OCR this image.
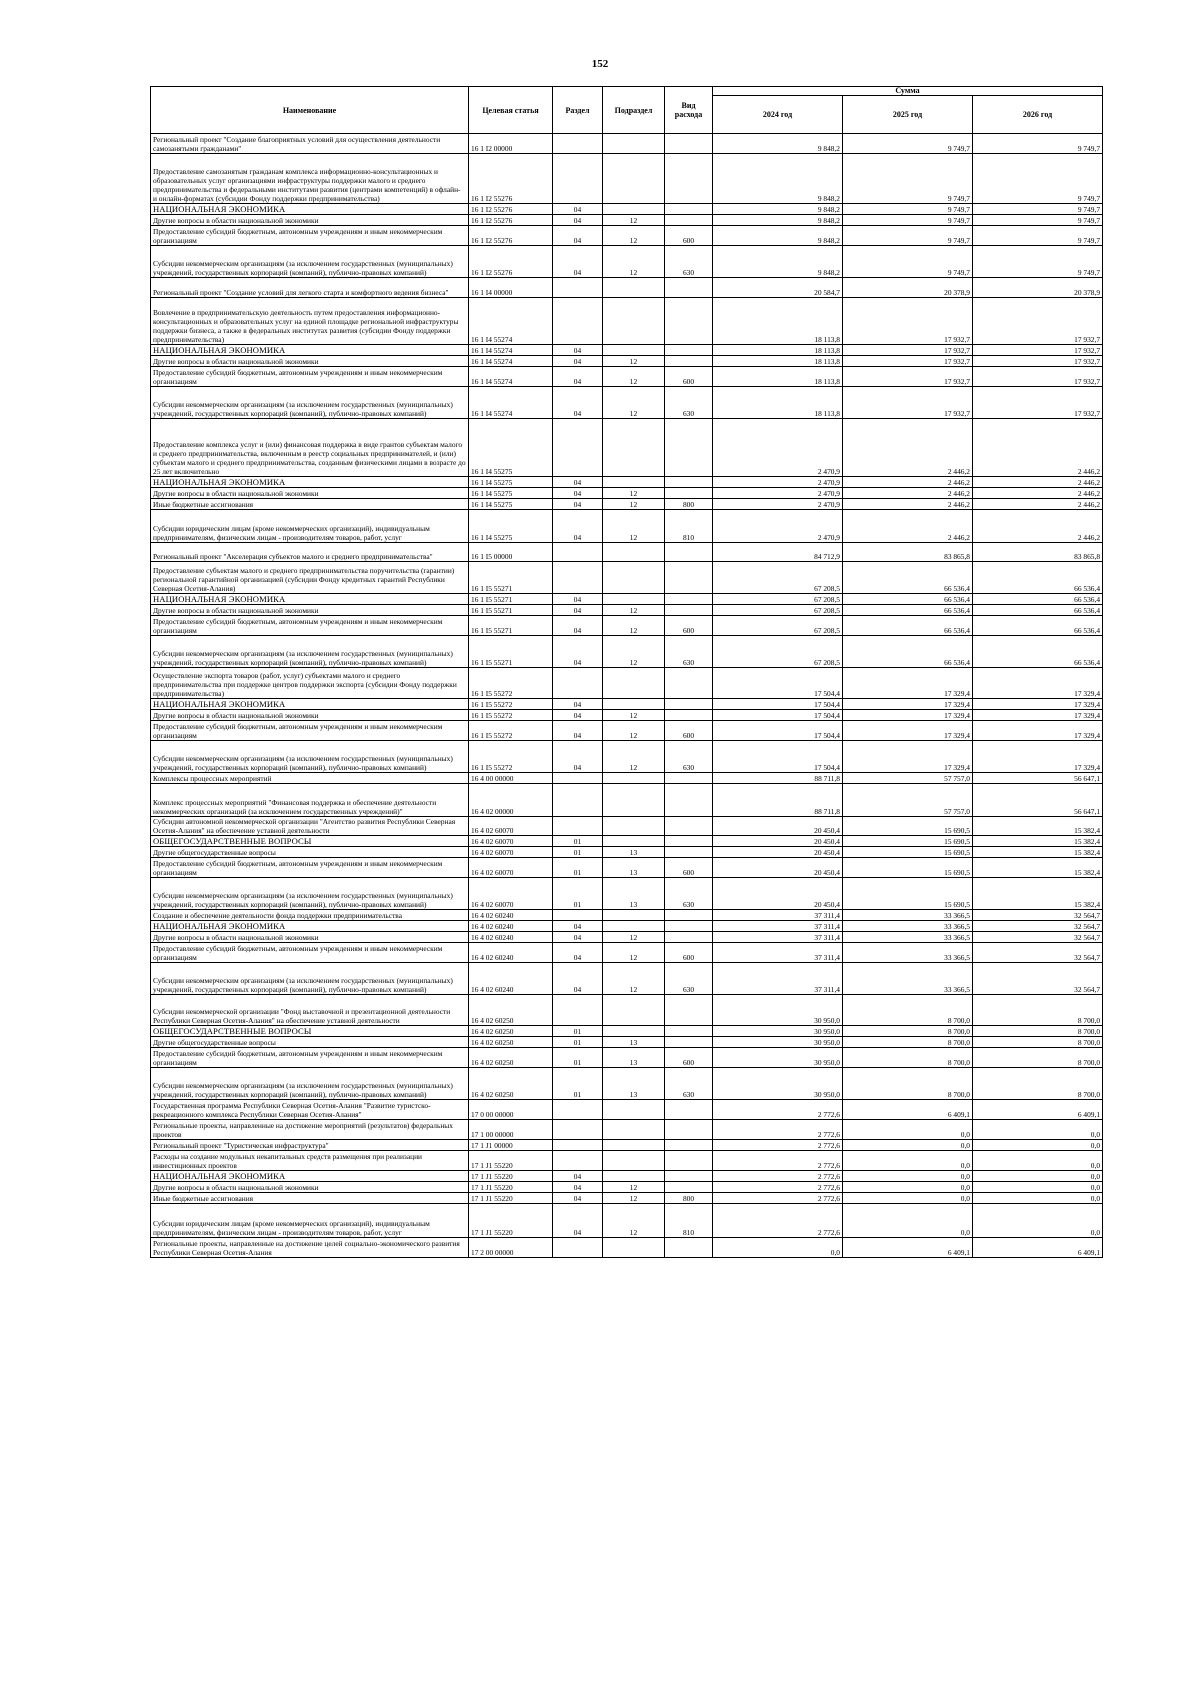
152
Наименование	Целевая статья	Раздел	Подраздел	Вид расхода	Сумма		
					2024 год	2025 год	2026 год
Региональный проект "Создание благоприятных условий для осуществления деятельности самозанятыми гражданами"	16 1 I2 00000				9 848,2	9 749,7	9 749,7
Предоставление самозанятым гражданам комплекса информационно-консультационных и образовательных услуг организациями инфраструктуры поддержки малого и среднего предпринимательства и федеральными институтами развития (центрами компетенций) в офлайн- и онлайн-форматах (субсидии Фонду поддержки предпринимательства)	16 1 I2 55276				9 848,2	9 749,7	9 749,7
НАЦИОНАЛЬНАЯ ЭКОНОМИКА	16 1 I2 55276	04			9 848,2	9 749,7	9 749,7
Другие вопросы в области национальной экономики	16 1 I2 55276	04	12		9 848,2	9 749,7	9 749,7
Предоставление субсидий бюджетным, автономным учреждениям и иным некоммерческим организациям	16 1 I2 55276	04	12	600	9 848,2	9 749,7	9 749,7
Субсидии некоммерческим организациям (за исключением государственных (муниципальных) учреждений, государственных корпораций (компаний), публично-правовых компаний)	16 1 I2 55276	04	12	630	9 848,2	9 749,7	9 749,7
Региональный проект "Создание условий для легкого старта и комфортного ведения бизнеса"	16 1 I4 00000				20 584,7	20 378,9	20 378,9
Вовлечение в предпринимательскую деятельность путем предоставления информационно-консультационных и образовательных услуг на единой площадке региональной инфраструктуры поддержки бизнеса, а также в федеральных институтах развития (субсидии Фонду поддержки предпринимательства)	16 1 I4 55274				18 113,8	17 932,7	17 932,7
НАЦИОНАЛЬНАЯ ЭКОНОМИКА	16 1 I4 55274	04			18 113,8	17 932,7	17 932,7
Другие вопросы в области национальной экономики	16 1 I4 55274	04	12		18 113,8	17 932,7	17 932,7
Предоставление субсидий бюджетным, автономным учреждениям и иным некоммерческим организациям	16 1 I4 55274	04	12	600	18 113,8	17 932,7	17 932,7
Субсидии некоммерческим организациям (за исключением государственных (муниципальных) учреждений, государственных корпораций (компаний), публично-правовых компаний)	16 1 I4 55274	04	12	630	18 113,8	17 932,7	17 932,7
Предоставление комплекса услуг и (или) финансовая поддержка в виде грантов субъектам малого и среднего предпринимательства, включенным в реестр социальных предпринимателей, и (или) субъектам малого и среднего предпринимательства, созданным физическими лицами в возрасте до 25 лет включительно	16 1 I4 55275				2 470,9	2 446,2	2 446,2
НАЦИОНАЛЬНАЯ ЭКОНОМИКА	16 1 I4 55275	04			2 470,9	2 446,2	2 446,2
Другие вопросы в области национальной экономики	16 1 I4 55275	04	12		2 470,9	2 446,2	2 446,2
Иные бюджетные ассигнования	16 1 I4 55275	04	12	800	2 470,9	2 446,2	2 446,2
Субсидии юридическим лицам (кроме некоммерческих организаций), индивидуальным предпринимателям, физическим лицам - производителям товаров, работ, услуг	16 1 I4 55275	04	12	810	2 470,9	2 446,2	2 446,2
Региональный проект "Акселерация субъектов малого и среднего предпринимательства"	16 1 I5 00000				84 712,9	83 865,8	83 865,8
Предоставление субъектам малого и среднего предпринимательства поручительства (гарантии) региональной гарантийной организацией (субсидии Фонду кредитных гарантий Республики Северная Осетия-Алания)	16 1 I5 55271				67 208,5	66 536,4	66 536,4
НАЦИОНАЛЬНАЯ ЭКОНОМИКА	16 1 I5 55271	04			67 208,5	66 536,4	66 536,4
Другие вопросы в области национальной экономики	16 1 I5 55271	04	12		67 208,5	66 536,4	66 536,4
Предоставление субсидий бюджетным, автономным учреждениям и иным некоммерческим организациям	16 1 I5 55271	04	12	600	67 208,5	66 536,4	66 536,4
Субсидии некоммерческим организациям (за исключением государственных (муниципальных) учреждений, государственных корпораций (компаний), публично-правовых компаний)	16 1 I5 55271	04	12	630	67 208,5	66 536,4	66 536,4
Осуществление экспорта товаров (работ, услуг) субъектами малого и среднего предпринимательства при поддержке центров поддержки экспорта (субсидии Фонду поддержки предпринимательства)	16 1 I5 55272				17 504,4	17 329,4	17 329,4
НАЦИОНАЛЬНАЯ ЭКОНОМИКА	16 1 I5 55272	04			17 504,4	17 329,4	17 329,4
Другие вопросы в области национальной экономики	16 1 I5 55272	04	12		17 504,4	17 329,4	17 329,4
Предоставление субсидий бюджетным, автономным учреждениям и иным некоммерческим организациям	16 1 I5 55272	04	12	600	17 504,4	17 329,4	17 329,4
Субсидии некоммерческим организациям (за исключением государственных (муниципальных) учреждений, государственных корпораций (компаний), публично-правовых компаний)	16 1 I5 55272	04	12	630	17 504,4	17 329,4	17 329,4
Комплексы процессных мероприятий	16 4 00 00000				88 711,8	57 757,0	56 647,1
Комплекс процессных мероприятий "Финансовая поддержка и обеспечение деятельности некоммерческих организаций (за исключением государственных учреждений)"	16 4 02 00000				88 711,8	57 757,0	56 647,1
Субсидии автономной некоммерческой организации "Агентство развития Республики Северная Осетия-Алания" на обеспечение уставной деятельности	16 4 02 60070				20 450,4	15 690,5	15 382,4
ОБЩЕГОСУДАРСТВЕННЫЕ ВОПРОСЫ	16 4 02 60070	01			20 450,4	15 690,5	15 382,4
Другие общегосударственные вопросы	16 4 02 60070	01	13		20 450,4	15 690,5	15 382,4
Предоставление субсидий бюджетным, автономным учреждениям и иным некоммерческим организациям	16 4 02 60070	01	13	600	20 450,4	15 690,5	15 382,4
Субсидии некоммерческим организациям (за исключением государственных (муниципальных) учреждений, государственных корпораций (компаний), публично-правовых компаний)	16 4 02 60070	01	13	630	20 450,4	15 690,5	15 382,4
Создание и обеспечение деятельности фонда поддержки предпринимательства	16 4 02 60240				37 311,4	33 366,5	32 564,7
НАЦИОНАЛЬНАЯ ЭКОНОМИКА	16 4 02 60240	04			37 311,4	33 366,5	32 564,7
Другие вопросы в области национальной экономики	16 4 02 60240	04	12		37 311,4	33 366,5	32 564,7
Предоставление субсидий бюджетным, автономным учреждениям и иным некоммерческим организациям	16 4 02 60240	04	12	600	37 311,4	33 366,5	32 564,7
Субсидии некоммерческим организациям (за исключением государственных (муниципальных) учреждений, государственных корпораций (компаний), публично-правовых компаний)	16 4 02 60240	04	12	630	37 311,4	33 366,5	32 564,7
Субсидии некоммерческой организации "Фонд выставочной и презентационной деятельности Республики Северная Осетия-Алания" на обеспечение уставной деятельности	16 4 02 60250				30 950,0	8 700,0	8 700,0
ОБЩЕГОСУДАРСТВЕННЫЕ ВОПРОСЫ	16 4 02 60250	01			30 950,0	8 700,0	8 700,0
Другие общегосударственные вопросы	16 4 02 60250	01	13		30 950,0	8 700,0	8 700,0
Предоставление субсидий бюджетным, автономным учреждениям и иным некоммерческим организациям	16 4 02 60250	01	13	600	30 950,0	8 700,0	8 700,0
Субсидии некоммерческим организациям (за исключением государственных (муниципальных) учреждений, государственных корпораций (компаний), публично-правовых компаний)	16 4 02 60250	01	13	630	30 950,0	8 700,0	8 700,0
Государственная программа Республики Северная Осетия-Алания "Развитие туристско-рекреационного комплекса Республики Северная Осетия-Алания"	17 0 00 00000				2 772,6	6 409,1	6 409,1
Региональные проекты, направленные на достижение мероприятий (результатов) федеральных проектов	17 1 00 00000				2 772,6	0,0	0,0
Региональный проект "Туристическая инфраструктура"	17 1 J1 00000				2 772,6	0,0	0,0
Расходы на создание модульных некапитальных средств размещения при реализации инвестиционных проектов	17 1 J1 55220				2 772,6	0,0	0,0
НАЦИОНАЛЬНАЯ ЭКОНОМИКА	17 1 J1 55220	04			2 772,6	0,0	0,0
Другие вопросы в области национальной экономики	17 1 J1 55220	04	12		2 772,6	0,0	0,0
Иные бюджетные ассигнования	17 1 J1 55220	04	12	800	2 772,6	0,0	0,0
Субсидии юридическим лицам (кроме некоммерческих организаций), индивидуальным предпринимателям, физическим лицам - производителям товаров, работ, услуг	17 1 J1 55220	04	12	810	2 772,6	0,0	0,0
Региональные проекты, направленные на достижение целей социально-экономического развития Республики Северная Осетия-Алания	17 2 00 00000				0,0	6 409,1	6 409,1
